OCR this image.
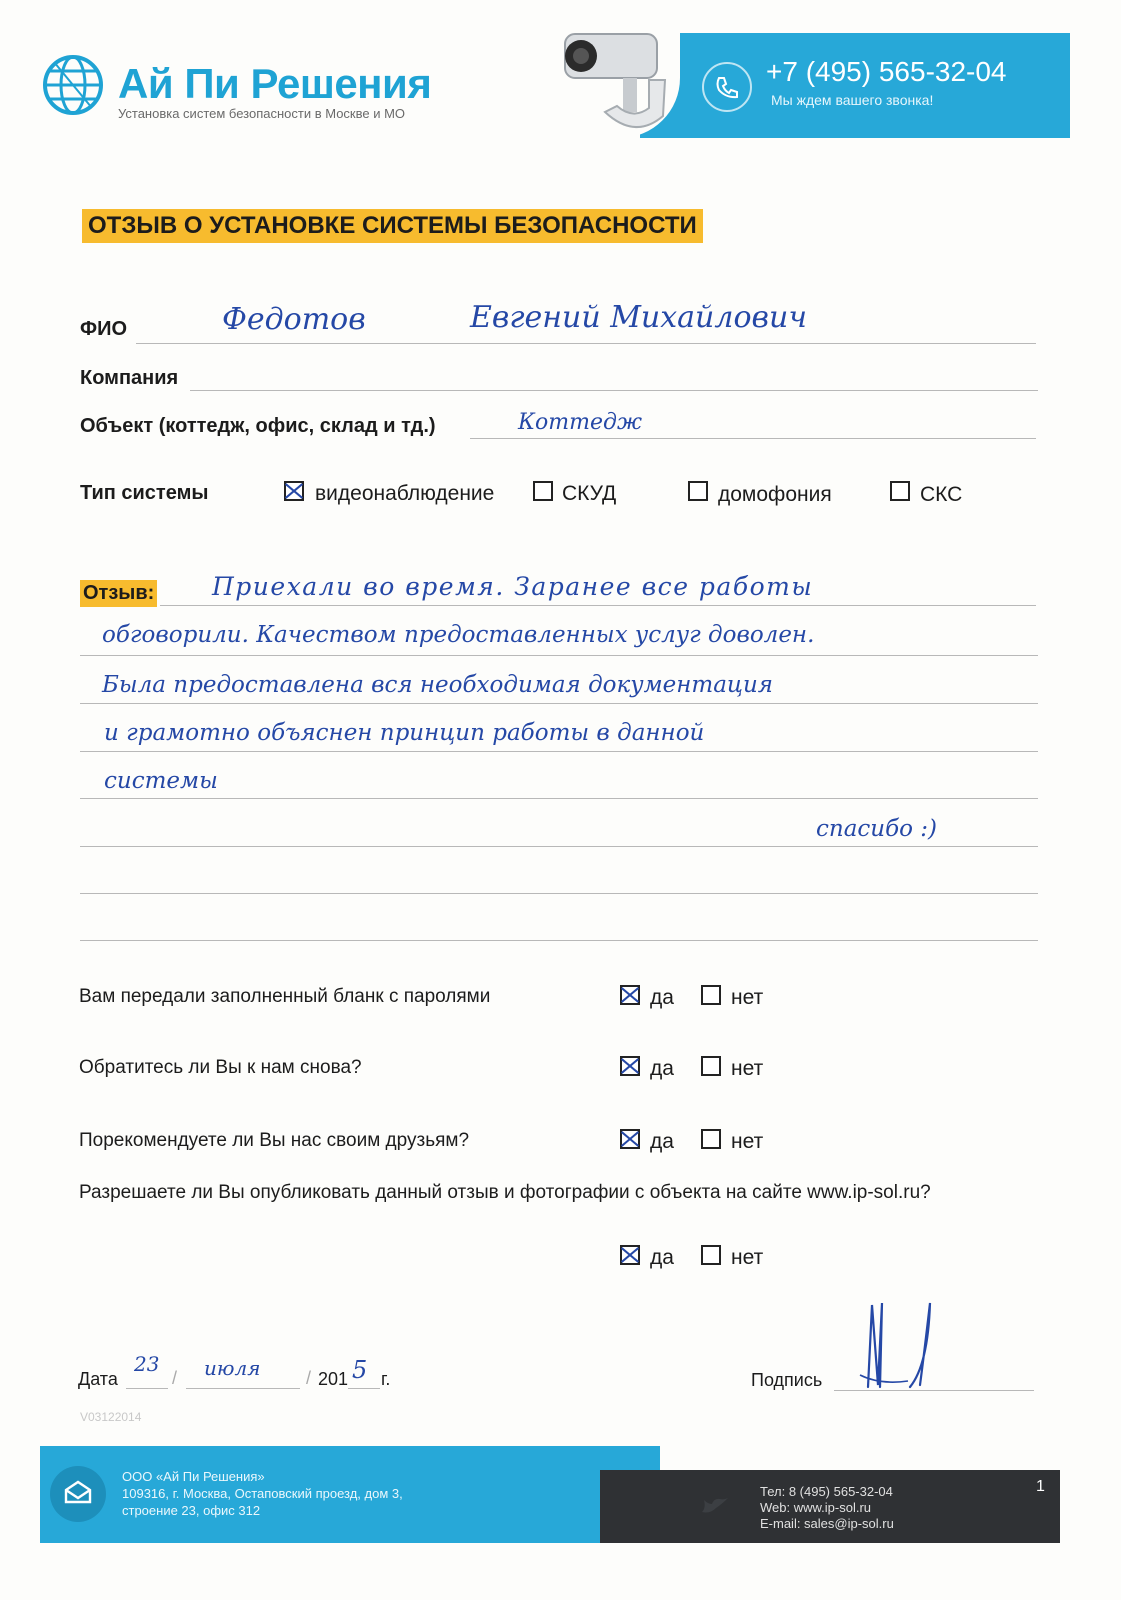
Ай Пи Решения
Установка систем безопасности в Москве и МО
+7 (495) 565-32-04
Мы ждем вашего звонка!
ОТЗЫВ О УСТАНОВКЕ СИСТЕМЫ БЕЗОПАСНОСТИ
ФИО	Федотов	Евгений Михайлович
Компания
Объект (коттедж, офис, склад и тд.)	Коттедж
Тип системы	видеонаблюдение	СКУД	домофония	СКС
Отзыв: Приехали во время. Заранее все работы
обговорили. Качеством предоставленных услуг доволен.
Была предоставлена вся необходимая документация
и грамотно объяснен принцип работы в данной
системы
спасибо :)
Вам передали заполненный бланк с паролями	да	нет
Обратитесь ли Вы к нам снова?	да	нет
Порекомендуете ли Вы нас своим друзьям?	да	нет
Разрешаете ли Вы опубликовать данный отзыв и фотографии с объекта на сайте www.ip-sol.ru?
да	нет
Дата
23
/ июля	/ 201 5 г.	Подпись
V03122014
ООО «Ай Пи Решения»
109316, г. Москва, Остаповский проезд, дом 3,
строение 23, офис 312
Тел: 8 (495) 565-32-04
Web: www.ip-sol.ru
E-mail: sales@ip-sol.ru
1
